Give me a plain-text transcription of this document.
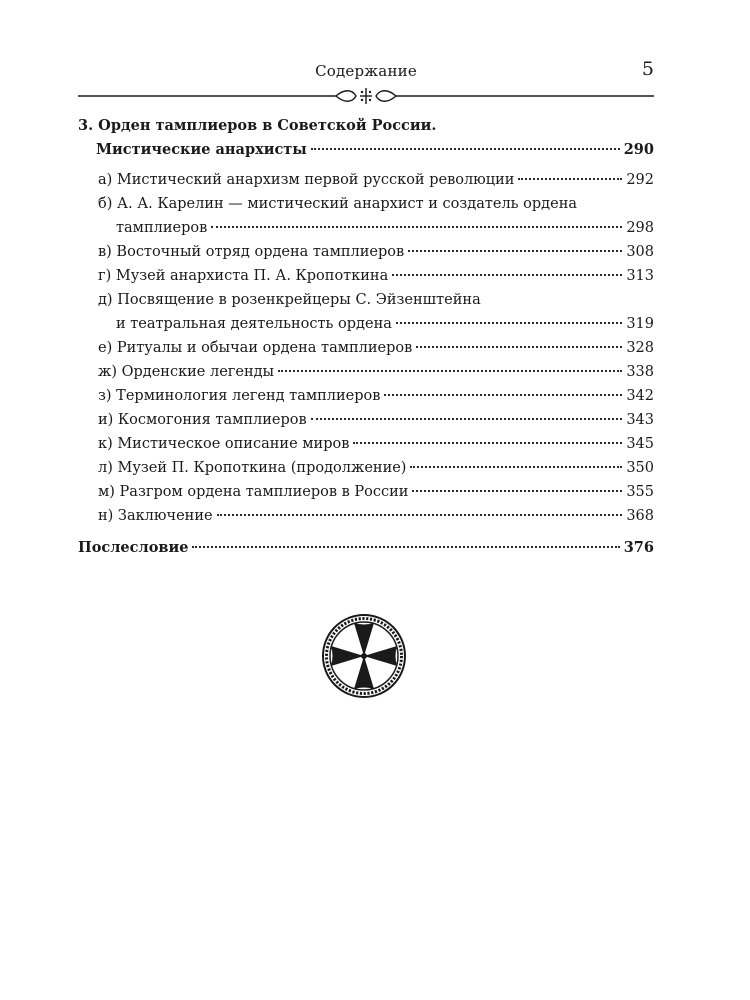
Содержание	5
3. Орден тамплиеров в Советской России.
Мистические анархисты	290
а) Мистический анархизм первой русской революции	292
б) А. А. Карелин — мистический анархист и создатель ордена
тамплиеров	298
в) Восточный отряд ордена тамплиеров	308
г) Музей анархиста П. А. Кропоткина	313
д) Посвящение в розенкрейцеры С. Эйзенштейна
и театральная деятельность ордена	319
е) Ритуалы и обычаи ордена тамплиеров	328
ж) Орденские легенды	338
з) Терминология легенд тамплиеров	342
и) Космогония тамплиеров	343
к) Мистическое описание миров	345
л) Музей П. Кропоткина (продолжение)	350
м) Разгром ордена тамплиеров в России	355
н) Заключение	368
Послесловие	376
